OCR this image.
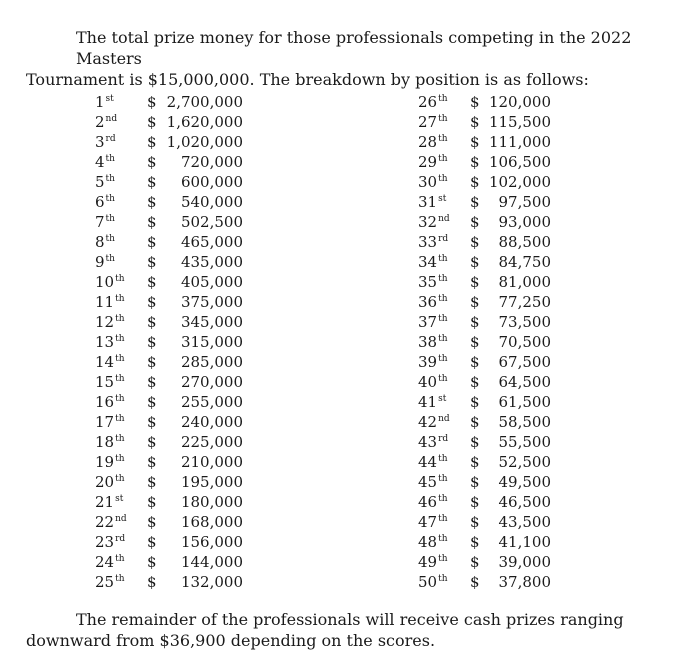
The total prize money for those professionals competing in the 2022 Masters
Tournament is $15,000,000. The breakdown by position is as follows:

1st $ 2,700,000
2nd $ 1,620,000
3rd $ 1,020,000
4th $	720,000
5th $	600,000
6th $	540,000
7th $	502,500
8th $	465,000
9th $	435,000
10th $	405,000
11th $	375,000
12th $	345,000
13th $	315,000
14th $	285,000
15th $	270,000
16th $	255,000
17th $	240,000
18th $	225,000
19th $	210,000
20th $	195,000
21st $	180,000
22nd $	168,000
23rd $	156,000
24th $	144,000
25th $	132,000
26th $ 120,000
27th $ 115,500
28th $ 111,000
29th $ 106,500
30th $ 102,000
31st $	97,500
32nd $	93,000
33rd $	88,500
34th $	84,750
35th $	81,000
36th $	77,250
37th $	73,500
38th $	70,500
39th $	67,500
40th $	64,500
41st $	61,500
42nd $	58,500
43rd $	55,500
44th $	52,500
45th $	49,500
46th $	46,500
47th $	43,500
48th $	41,100
49th $	39,000
50th $	37,800

The remainder of the professionals will receive cash prizes ranging
downward from $36,900 depending on the scores.
